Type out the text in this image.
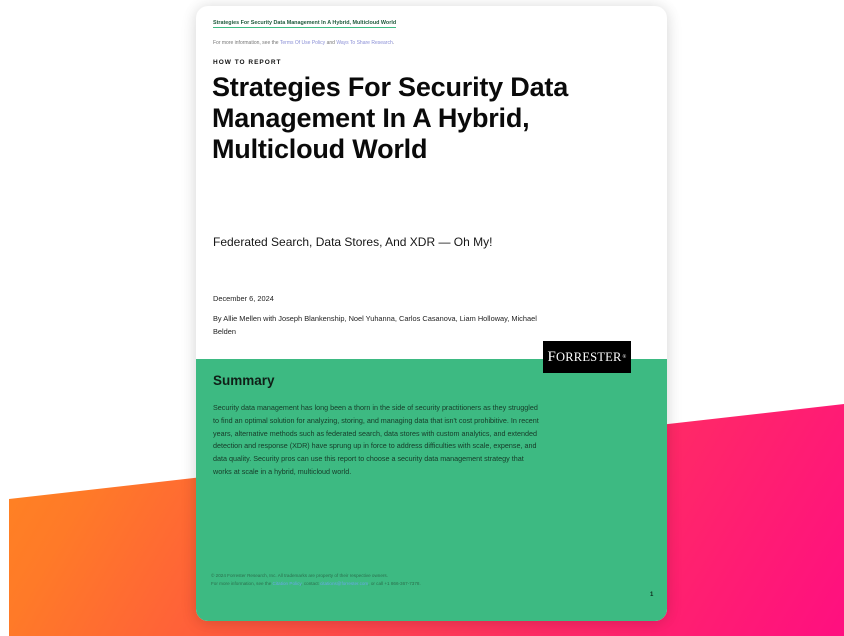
Strategies For Security Data Management In A Hybrid, Multicloud World
For more information, see the Terms Of Use Policy and Ways To Share Research.
HOW TO REPORT
Strategies For Security Data Management In A Hybrid, Multicloud World
Federated Search, Data Stores, And XDR — Oh My!
December 6, 2024
By Allie Mellen with Joseph Blankenship, Noel Yuhanna, Carlos Casanova, Liam Holloway, Michael Belden
F ORRESTER ®
Summary

Security data management has long been a thorn in the side of security practitioners as they struggled to find an optimal solution for analyzing, storing, and managing data that isn't cost prohibitive. In recent years, alternative methods such as federated search, data stores with custom analytics, and extended detection and response (XDR) have sprung up in force to address difficulties with scale, expense, and data quality. Security pros can use this report to choose a security data management strategy that works at scale in a hybrid, multicloud world.

© 2024 Forrester Research, Inc. All trademarks are property of their respective owners.
For more information, see the Citation Policy, contact citations@forrester.com, or call +1 866-367-7378.
1
